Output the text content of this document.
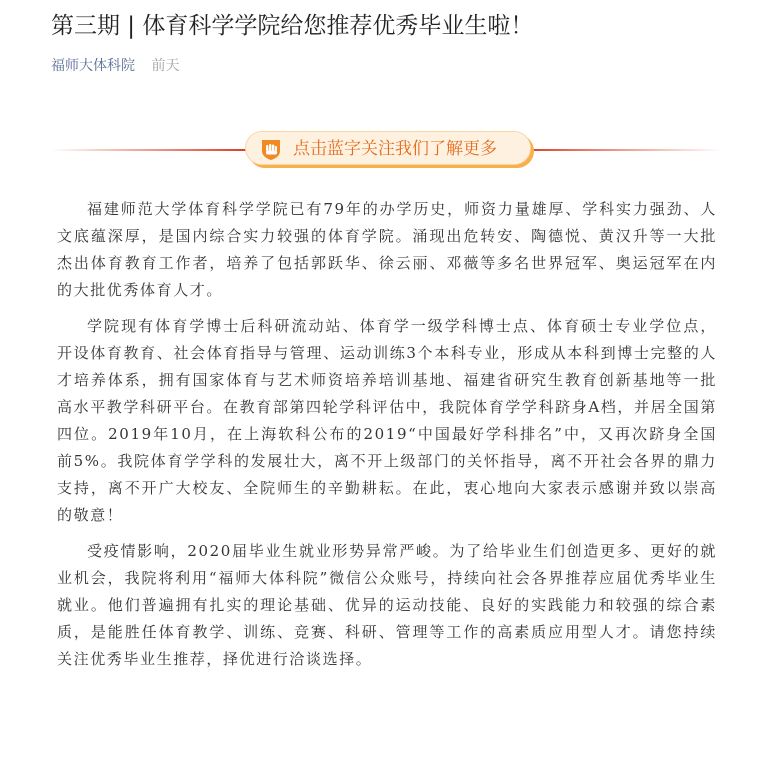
第三期 | 体育科学学院给您推荐优秀毕业生啦！
福师大体科院 前天
点击蓝字关注我们了解更多

福建师范大学体育科学学院已有79年的办学历史，师资力量雄厚、学科实力强劲、人文底蕴深厚，是国内综合实力较强的体育学院。涌现出危转安、陶德悦、黄汉升等一大批杰出体育教育工作者，培养了包括郭跃华、徐云丽、邓薇等多名世界冠军、奥运冠军在内的大批优秀体育人才。

学院现有体育学博士后科研流动站、体育学一级学科博士点、体育硕士专业学位点，开设体育教育、社会体育指导与管理、运动训练3个本科专业，形成从本科到博士完整的人才培养体系，拥有国家体育与艺术师资培养培训基地、福建省研究生教育创新基地等一批高水平教学科研平台。在教育部第四轮学科评估中，我院体育学学科跻身A档，并居全国第四位。2019年10月，在上海软科公布的2019“中国最好学科排名”中，又再次跻身全国前5%。我院体育学学科的发展壮大，离不开上级部门的关怀指导，离不开社会各界的鼎力支持，离不开广大校友、全院师生的辛勤耕耘。在此，衷心地向大家表示感谢并致以崇高的敬意！

受疫情影响，2020届毕业生就业形势异常严峻。为了给毕业生们创造更多、更好的就业机会，我院将利用“福师大体科院”微信公众账号，持续向社会各界推荐应届优秀毕业生就业。他们普遍拥有扎实的理论基础、优异的运动技能、良好的实践能力和较强的综合素质，是能胜任体育教学、训练、竞赛、科研、管理等工作的高素质应用型人才。请您持续关注优秀毕业生推荐，择优进行洽谈选择。
